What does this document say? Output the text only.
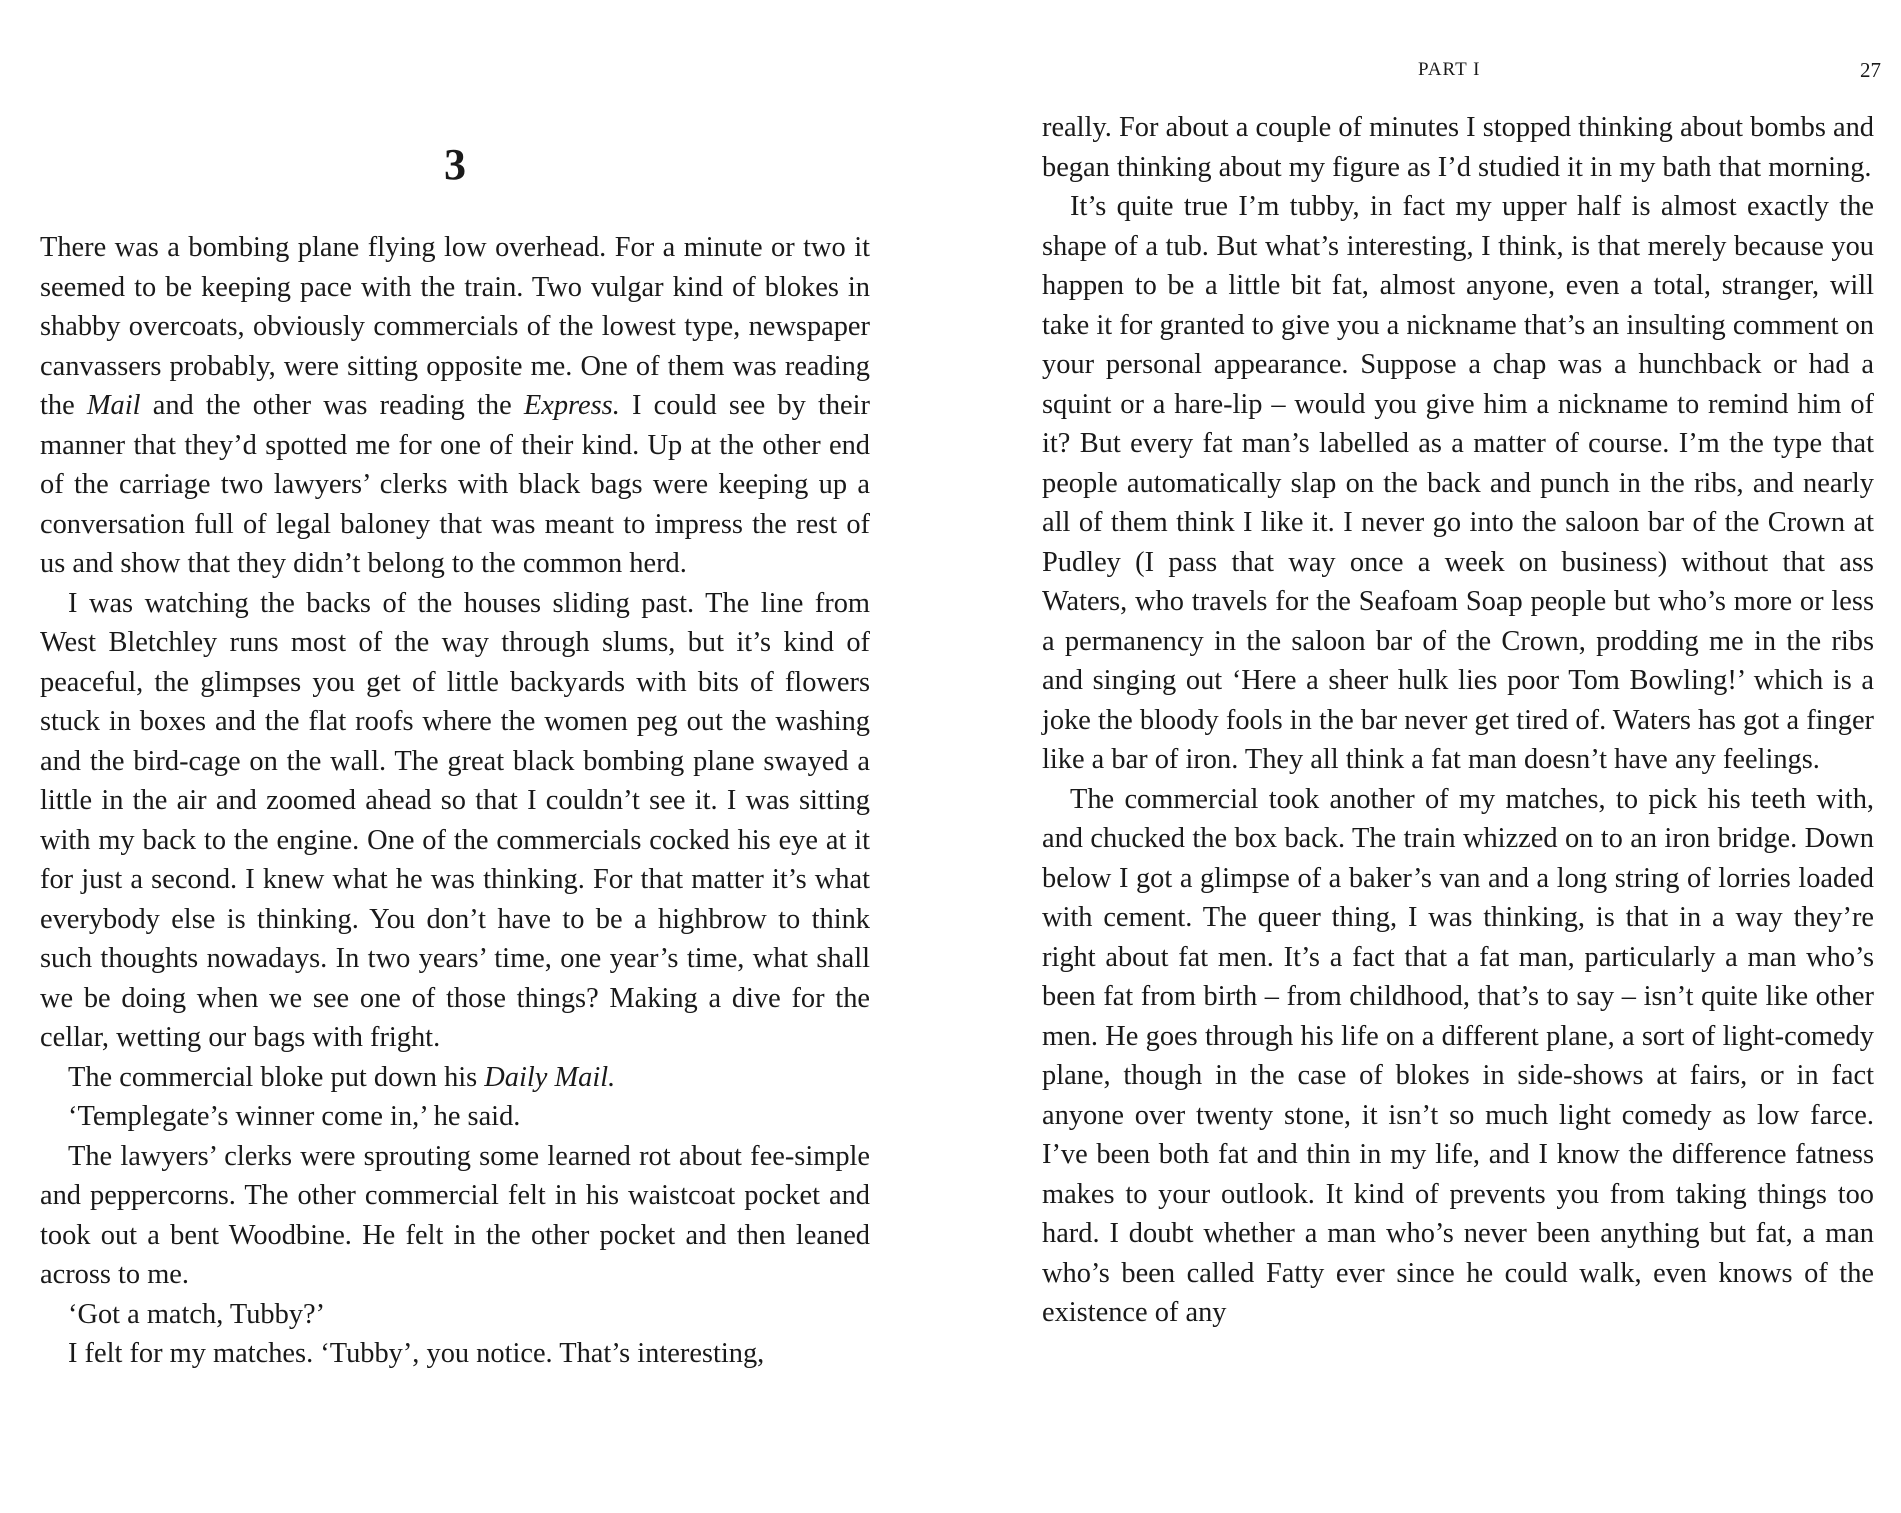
3

There was a bombing plane flying low overhead. For a minute or two it seemed to be keeping pace with the train. Two vulgar kind of blokes in shabby overcoats, obviously commercials of the lowest type, newspaper canvassers probably, were sitting opposite me. One of them was reading the Mail and the other was reading the Express. I could see by their manner that they’d spotted me for one of their kind. Up at the other end of the carriage two lawyers’ clerks with black bags were keeping up a conversation full of legal baloney that was meant to impress the rest of us and show that they didn’t belong to the common herd.

I was watching the backs of the houses sliding past. The line from West Bletchley runs most of the way through slums, but it’s kind of peaceful, the glimpses you get of little backyards with bits of flowers stuck in boxes and the flat roofs where the women peg out the washing and the bird-cage on the wall. The great black bombing plane swayed a little in the air and zoomed ahead so that I couldn’t see it. I was sitting with my back to the engine. One of the commercials cocked his eye at it for just a second. I knew what he was thinking. For that matter it’s what everybody else is thinking. You don’t have to be a highbrow to think such thoughts nowadays. In two years’ time, one year’s time, what shall we be doing when we see one of those things? Making a dive for the cellar, wetting our bags with fright.

The commercial bloke put down his Daily Mail.

‘Templegate’s winner come in,’ he said.

The lawyers’ clerks were sprouting some learned rot about fee-simple and peppercorns. The other commercial felt in his waistcoat pocket and took out a bent Woodbine. He felt in the other pocket and then leaned across to me.

‘Got a match, Tubby?’

I felt for my matches. ‘Tubby’, you notice. That’s interesting,

PART I	27

really. For about a couple of minutes I stopped thinking about bombs and began thinking about my figure as I’d studied it in my bath that morning.

It’s quite true I’m tubby, in fact my upper half is almost exactly the shape of a tub. But what’s interesting, I think, is that merely because you happen to be a little bit fat, almost anyone, even a total, stranger, will take it for granted to give you a nickname that’s an insulting comment on your personal appearance. Suppose a chap was a hunchback or had a squint or a hare-lip – would you give him a nickname to remind him of it? But every fat man’s labelled as a matter of course. I’m the type that people automatically slap on the back and punch in the ribs, and nearly all of them think I like it. I never go into the saloon bar of the Crown at Pudley (I pass that way once a week on business) without that ass Waters, who travels for the Seafoam Soap people but who’s more or less a permanency in the saloon bar of the Crown, prodding me in the ribs and singing out ‘Here a sheer hulk lies poor Tom Bowling!’ which is a joke the bloody fools in the bar never get tired of. Waters has got a finger like a bar of iron. They all think a fat man doesn’t have any feelings.

The commercial took another of my matches, to pick his teeth with, and chucked the box back. The train whizzed on to an iron bridge. Down below I got a glimpse of a baker’s van and a long string of lorries loaded with cement. The queer thing, I was thinking, is that in a way they’re right about fat men. It’s a fact that a fat man, particularly a man who’s been fat from birth – from childhood, that’s to say – isn’t quite like other men. He goes through his life on a different plane, a sort of light-comedy plane, though in the case of blokes in side-shows at fairs, or in fact anyone over twenty stone, it isn’t so much light comedy as low farce. I’ve been both fat and thin in my life, and I know the difference fatness makes to your outlook. It kind of prevents you from taking things too hard. I doubt whether a man who’s never been anything but fat, a man who’s been called Fatty ever since he could walk, even knows of the existence of any
